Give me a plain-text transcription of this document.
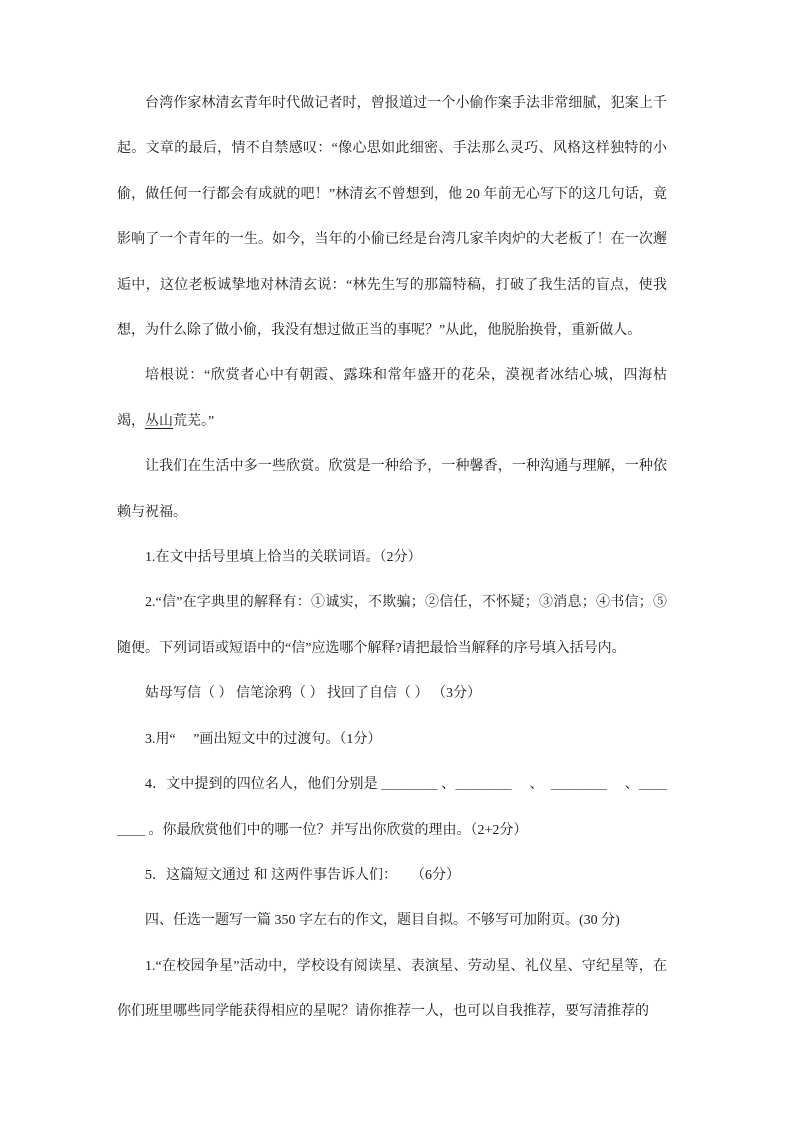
台湾作家林清玄青年时代做记者时，曾报道过一个小偷作案手法非常细腻，犯案上千起。文章的最后，情不自禁感叹：“像心思如此细密、手法那么灵巧、风格这样独特的小偷，做任何一行都会有成就的吧！”林清玄不曾想到，他 20 年前无心写下的这几句话，竟影响了一个青年的一生。如今，当年的小偷已经是台湾几家羊肉炉的大老板了！在一次邂逅中，这位老板诚挚地对林清玄说：“林先生写的那篇特稿，打破了我生活的盲点，使我想，为什么除了做小偷，我没有想过做正当的事呢？”从此，他脱胎换骨，重新做人。

培根说：“欣赏者心中有朝霞、露珠和常年盛开的花朵，漠视者冰结心城，四海枯竭，丛山荒芜。”

让我们在生活中多一些欣赏。欣赏是一种给予，一种馨香，一种沟通与理解，一种依赖与祝福。

1.在文中括号里填上恰当的关联词语。（2分）

2.“信”在字典里的解释有：①诚实，不欺骗；②信任，不怀疑；③消息；④书信；⑤随便。下列词语或短语中的“信”应选哪个解释?请把最恰当解释的序号填入括号内。

姑母写信（ ） 信笔涂鸦（ ） 找回了自信（ ） （3分）

3.用“　 ”画出短文中的过渡句。（1分）

4．文中提到的四位名人，他们分别是 ＿＿＿＿ 、＿＿＿＿　 、　＿＿＿＿　 、＿＿＿＿ 。你最欣赏他们中的哪一位？并写出你欣赏的理由。（2+2分）

5．这篇短文通过 和 这两件事告诉人们：　　（6分）

四、任选一题写一篇 350 字左右的作文，题目自拟。不够写可加附页。(30 分)

1.“在校园争星”活动中，学校设有阅读星、表演星、劳动星、礼仪星、守纪星等，在你们班里哪些同学能获得相应的星呢？请你推荐一人，也可以自我推荐，要写清推荐的
